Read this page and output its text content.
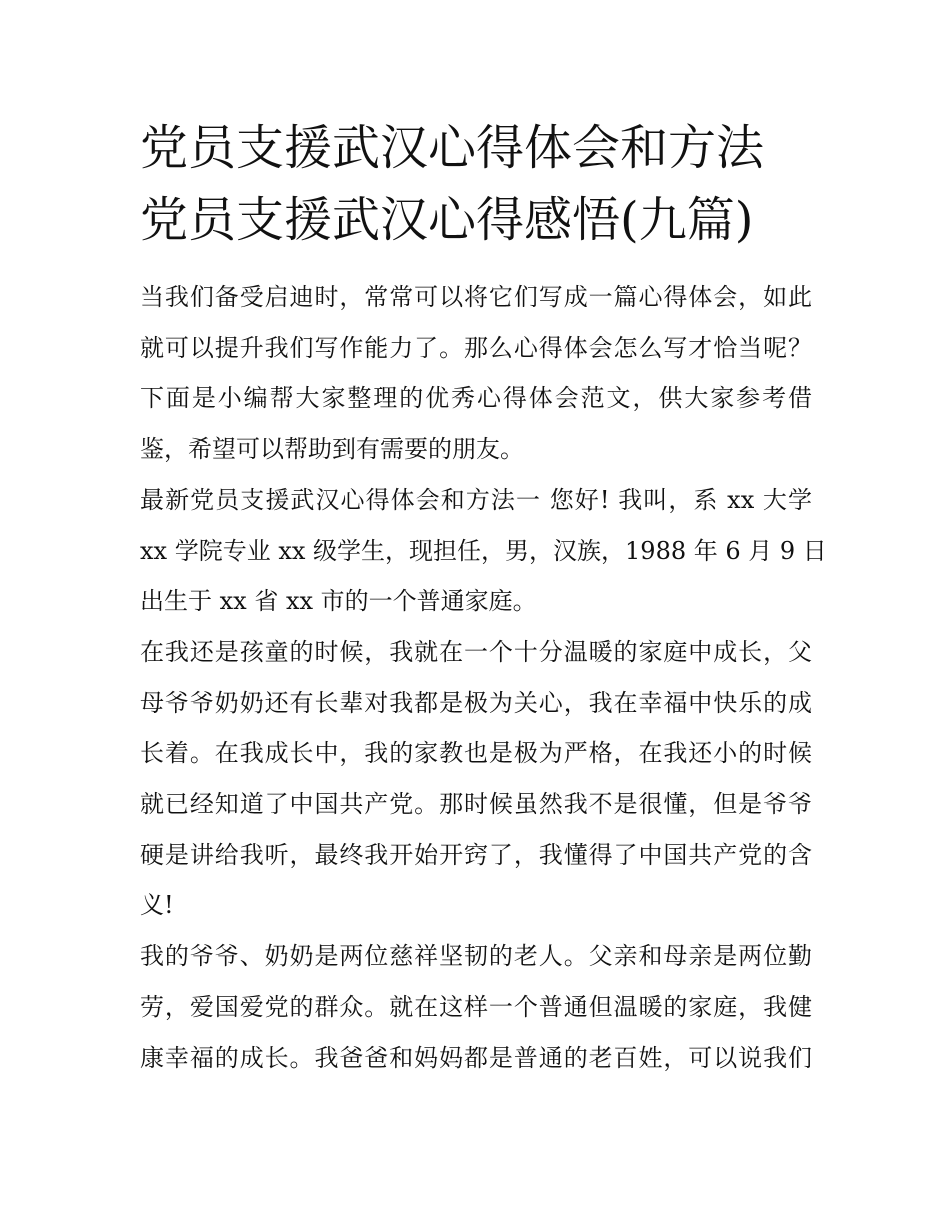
党员支援武汉心得体会和方法
党员支援武汉心得感悟(九篇)

当我们备受启迪时，常常可以将它们写成一篇心得体会，如此
就可以提升我们写作能力了。那么心得体会怎么写才恰当呢？
下面是小编帮大家整理的优秀心得体会范文，供大家参考借
鉴，希望可以帮助到有需要的朋友。

最新党员支援武汉心得体会和方法一 您好! 我叫，系 xx 大学
xx 学院专业 xx 级学生，现担任，男，汉族，1988 年 6 月 9 日
出生于 xx 省 xx 市的一个普通家庭。

在我还是孩童的时候，我就在一个十分温暖的家庭中成长，父
母爷爷奶奶还有长辈对我都是极为关心，我在幸福中快乐的成
长着。在我成长中，我的家教也是极为严格，在我还小的时候
就已经知道了中国共产党。那时候虽然我不是很懂，但是爷爷
硬是讲给我听，最终我开始开窍了，我懂得了中国共产党的含
义!

我的爷爷、奶奶是两位慈祥坚韧的老人。父亲和母亲是两位勤
劳，爱国爱党的群众。就在这样一个普通但温暖的家庭，我健
康幸福的成长。我爸爸和妈妈都是普通的老百姓，可以说我们
